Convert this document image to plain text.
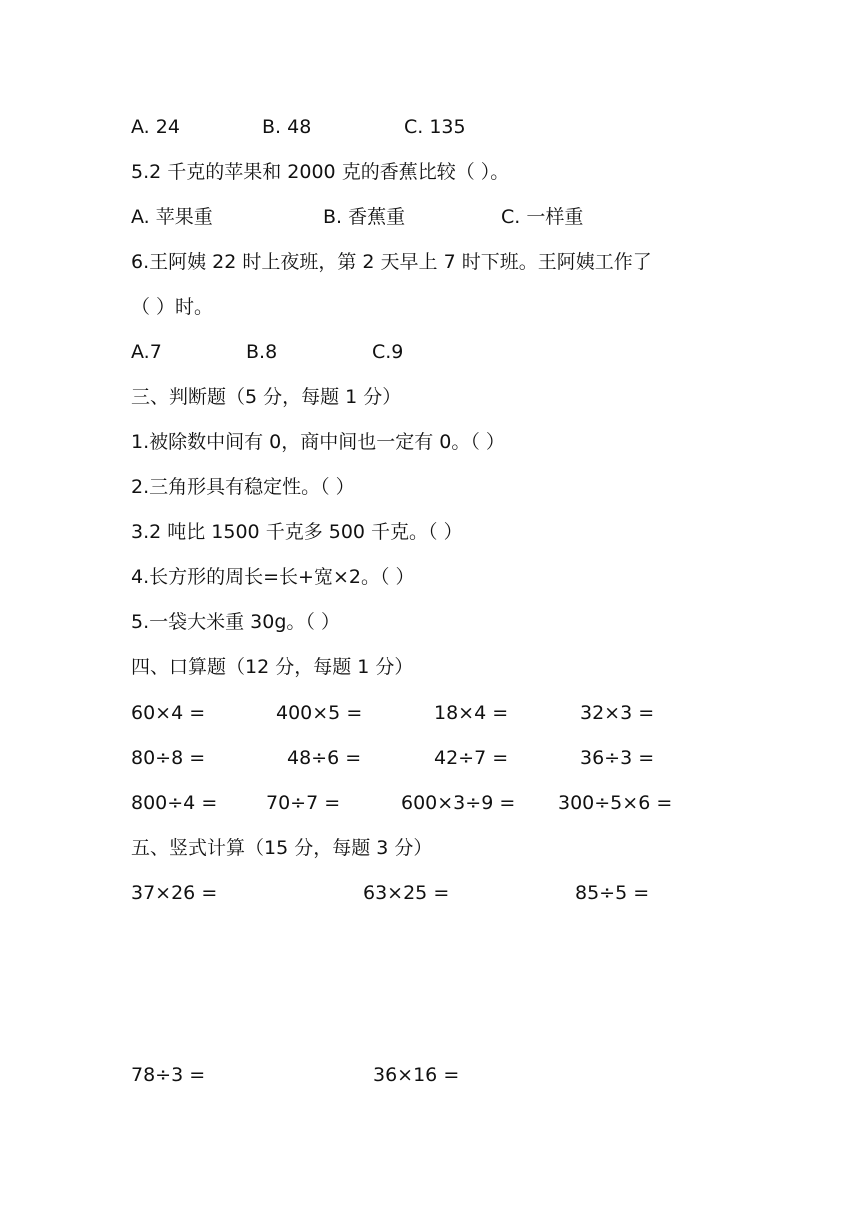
A. 24	B. 48	C. 135
5.2 千克的苹果和 2000 克的香蕉比较（ ）。
A. 苹果重	B. 香蕉重	C. 一样重
6.王阿姨 22 时上夜班，第 2 天早上 7 时下班。王阿姨工作了
（ ）时。
A.7	B.8	C.9
三、判断题（5 分，每题 1 分）
1.被除数中间有 0，商中间也一定有 0。（ ）
2.三角形具有稳定性。（ ）
3.2 吨比 1500 千克多 500 千克。（ ）
4.长方形的周长=长+宽×2。（ ）
5.一袋大米重 30g。（ ）
四、口算题（12 分，每题 1 分）
60×4 =	400×5 =	18×4 =	32×3 =
80÷8 =	48÷6 =	42÷7 =	36÷3 =
800÷4 =	70÷7 =	600×3÷9 = 300÷5×6 =
五、竖式计算（15 分，每题 3 分）
37×26 =	63×25 =	85÷5 =
78÷3 =	36×16 =
